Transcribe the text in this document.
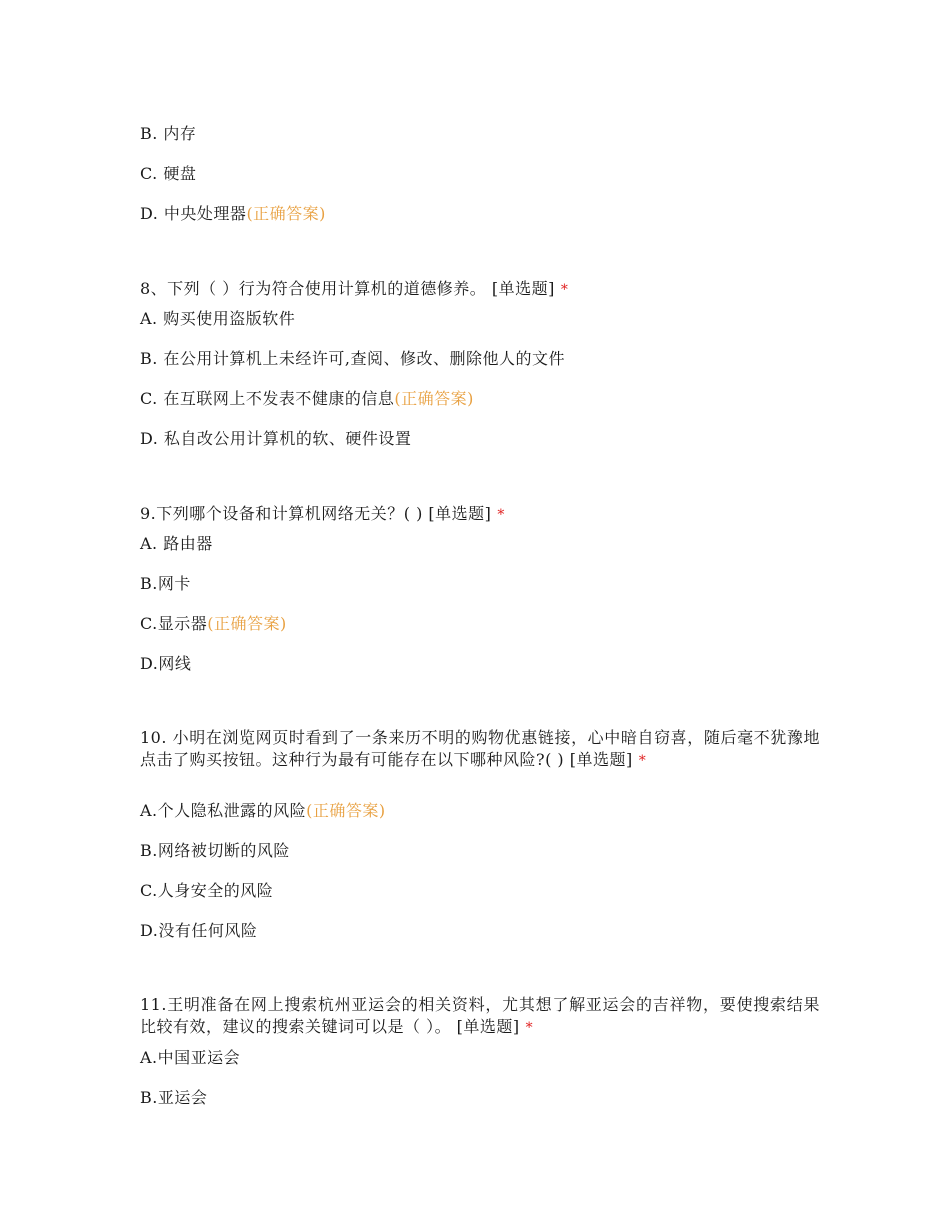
B. 内存
C. 硬盘
D. 中央处理器(正确答案)
8、下列（ ）行为符合使用计算机的道德修养。 [单选题] *
A. 购买使用盗版软件
B. 在公用计算机上未经许可,查阅、修改、删除他人的文件
C. 在互联网上不发表不健康的信息(正确答案)
D. 私自改公用计算机的软、硬件设置
9.下列哪个设备和计算机网络无关？( ) [单选题] *
A. 路由器
B.网卡
C.显示器(正确答案)
D.网线
10. 小明在浏览网页时看到了一条来历不明的购物优惠链接，心中暗自窃喜，随后毫不犹豫地点击了购买按钮。这种行为最有可能存在以下哪种风险?( ) [单选题] *
A.个人隐私泄露的风险(正确答案)
B.网络被切断的风险
C.人身安全的风险
D.没有任何风险
11.王明准备在网上搜索杭州亚运会的相关资料，尤其想了解亚运会的吉祥物，要使搜索结果比较有效，建议的搜索关键词可以是（ ）。 [单选题] *
A.中国亚运会
B.亚运会
